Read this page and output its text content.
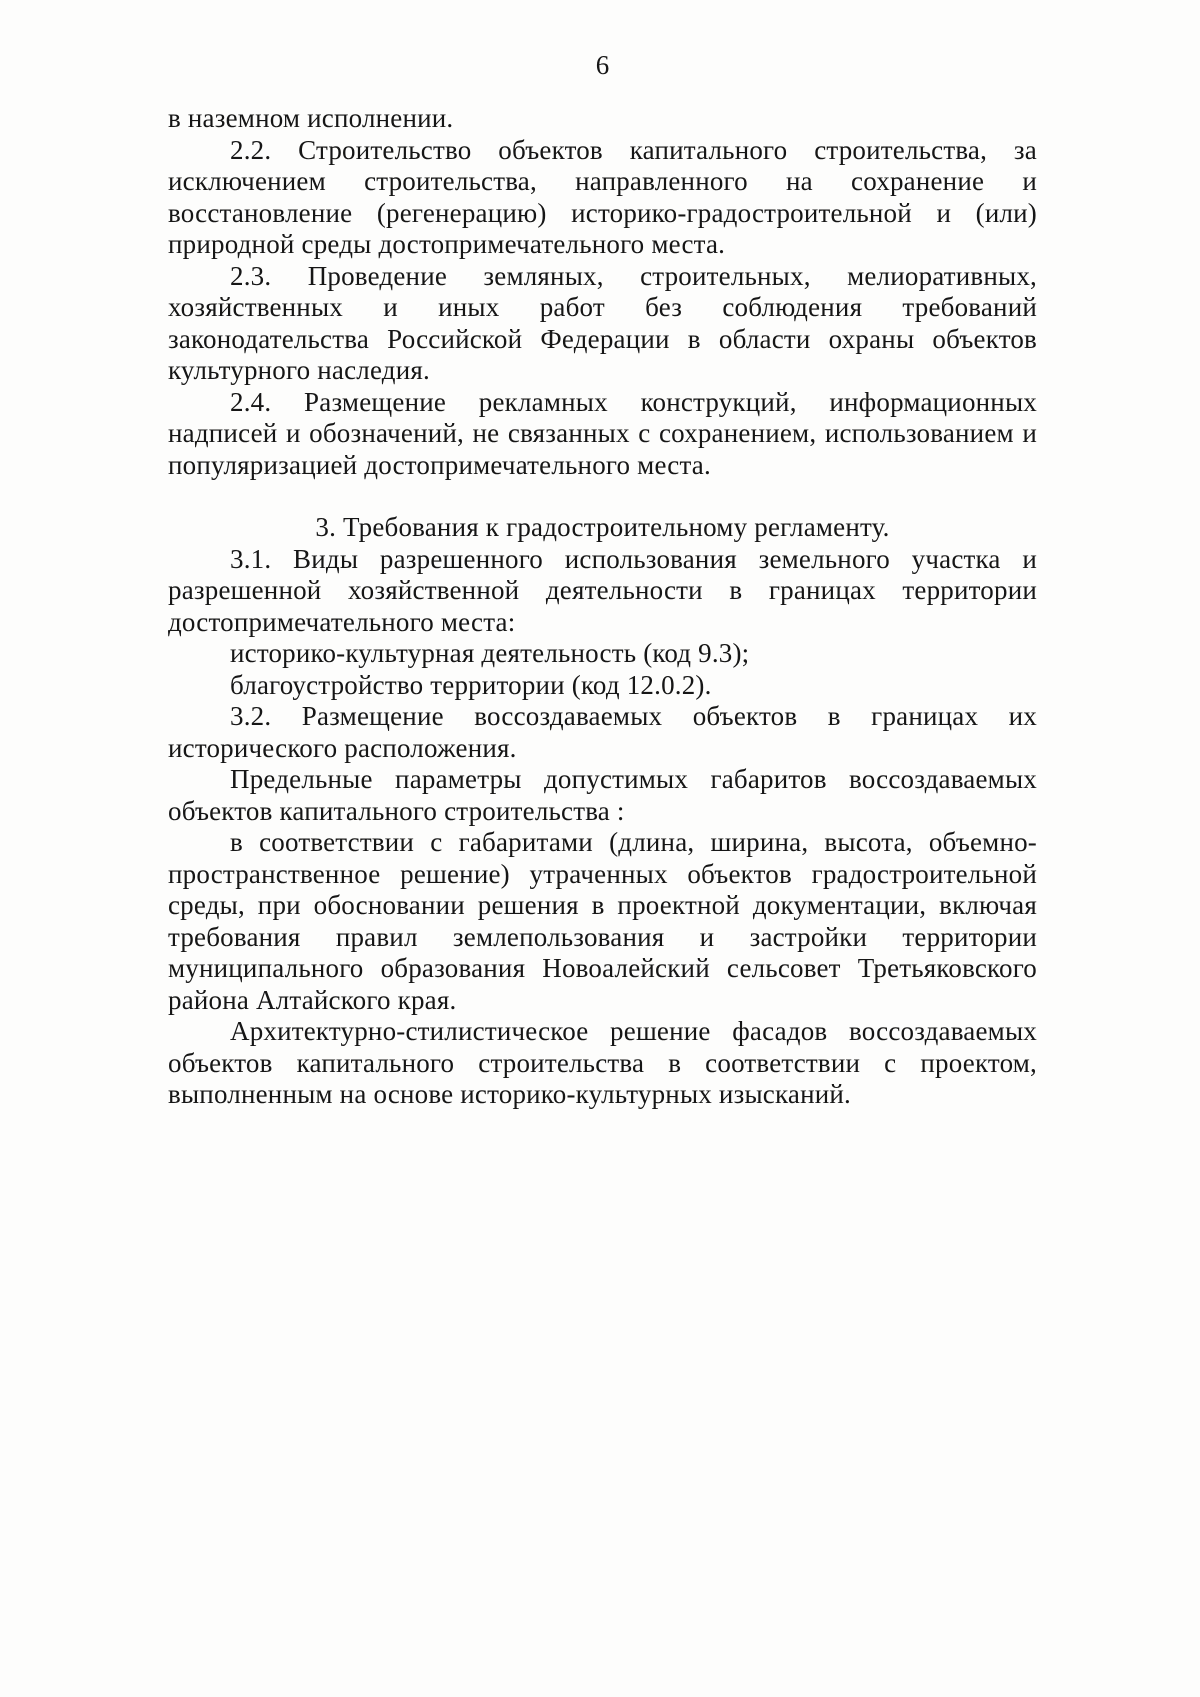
6

в наземном исполнении.

2.2. Строительство объектов капитального строительства, за исключением строительства, направленного на сохранение и восстановление (регенерацию) историко-градостроительной и (или) природной среды достопримечательного места.

2.3. Проведение земляных, строительных, мелиоративных, хозяйственных и иных работ без соблюдения требований законодательства Российской Федерации в области охраны объектов культурного наследия.

2.4. Размещение рекламных конструкций, информационных надписей и обозначений, не связанных с сохранением, использованием и популяризацией достопримечательного места.

3. Требования к градостроительному регламенту.

3.1. Виды разрешенного использования земельного участка и разрешенной хозяйственной деятельности в границах территории достопримечательного места:

историко-культурная деятельность (код 9.3);

благоустройство территории (код 12.0.2).

3.2. Размещение воссоздаваемых объектов в границах их исторического расположения.

Предельные параметры допустимых габаритов воссоздаваемых объектов капитального строительства :

в соответствии с габаритами (длина, ширина, высота, объемно-пространственное решение) утраченных объектов градостроительной среды, при обосновании решения в проектной документации, включая требования правил землепользования и застройки территории муниципального образования Новоалейский сельсовет Третьяковского района Алтайского края.

Архитектурно-стилистическое решение фасадов воссоздаваемых объектов капитального строительства в соответствии с проектом, выполненным на основе историко-культурных изысканий.
